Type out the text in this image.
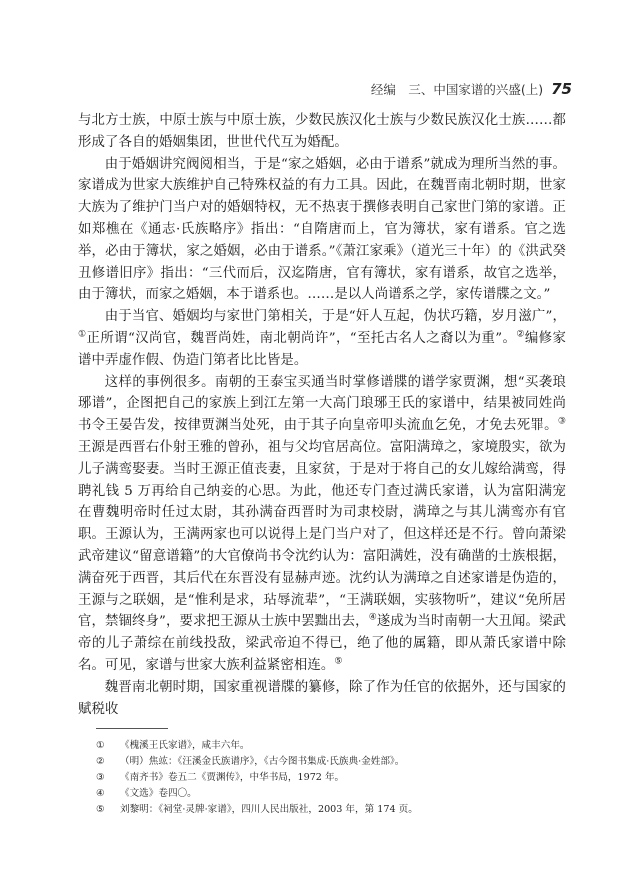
经编　三、中国家谱的兴盛(上) 75

与北方士族，中原士族与中原士族，少数民族汉化士族与少数民族汉化士族……都形成了各自的婚姻集团，世世代代互为婚配。

由于婚姻讲究阀阅相当，于是“家之婚姻，必由于谱系”就成为理所当然的事。家谱成为世家大族维护自己特殊权益的有力工具。因此，在魏晋南北朝时期，世家大族为了维护门当户对的婚姻特权，无不热衷于撰修表明自己家世门第的家谱。正如郑樵在《通志·氏族略序》指出：“自隋唐而上，官为簿状，家有谱系。官之选举，必由于簿状，家之婚姻，必由于谱系。”《萧江家乘》（道光三十年）的《洪武癸丑修谱旧序》指出：“三代而后，汉迄隋唐，官有簿状，家有谱系，故官之选举，由于簿状，而家之婚姻，本于谱系也。……是以人尚谱系之学，家传谱牒之文。”

由于当官、婚姻均与家世门第相关，于是“奸人互起，伪状巧籍，岁月滋广”，①正所谓“汉尚官，魏晋尚姓，南北朝尚许”，“至托古名人之裔以为重”。②编修家谱中弄虚作假、伪造门第者比比皆是。

这样的事例很多。南朝的王泰宝买通当时掌修谱牒的谱学家贾渊，想“买袭琅琊谱”，企图把自己的家族上到江左第一大高门琅琊王氏的家谱中，结果被同姓尚书令王晏告发，按律贾渊当处死，由于其子向皇帝叩头流血乞免，才免去死罪。③王源是西晋右仆射王雅的曾孙，祖与父均官居高位。富阳满璋之，家境殷实，欲为儿子满鸾娶妻。当时王源正值丧妻，且家贫，于是对于将自己的女儿嫁给满鸾，得聘礼钱 5 万再给自己纳妾的心思。为此，他还专门查过满氏家谱，认为富阳满宠在曹魏明帝时任过太尉，其孙满奋西晋时为司隶校尉，满璋之与其儿满鸾亦有官职。王源认为，王满两家也可以说得上是门当户对了，但这样还是不行。曾向萧梁武帝建议“留意谱籍”的大官僚尚书令沈约认为：富阳满姓，没有确凿的士族根据，满奋死于西晋，其后代在东晋没有显赫声迹。沈约认为满璋之自述家谱是伪造的，王源与之联姻，是“惟利是求，玷辱流辈”，“王满联姻，实骇物听”，建议“免所居官，禁锢终身”，要求把王源从士族中罢黜出去，④遂成为当时南朝一大丑闻。梁武帝的儿子萧综在前线投敌，梁武帝迫不得已，绝了他的属籍，即从萧氏家谱中除名。可见，家谱与世家大族利益紧密相连。⑤

魏晋南北朝时期，国家重视谱牒的纂修，除了作为任官的依据外，还与国家的赋税收

①	《槐溪王氏家谱》，咸丰六年。
②	（明）焦竑：《汪溪金氏族谱序》，《古今图书集成·氏族典·金姓部》。
③	《南齐书》卷五二《贾渊传》，中华书局，1972 年。
④	《文选》卷四〇。
⑤	刘黎明：《祠堂·灵牌·家谱》，四川人民出版社，2003 年，第 174 页。
